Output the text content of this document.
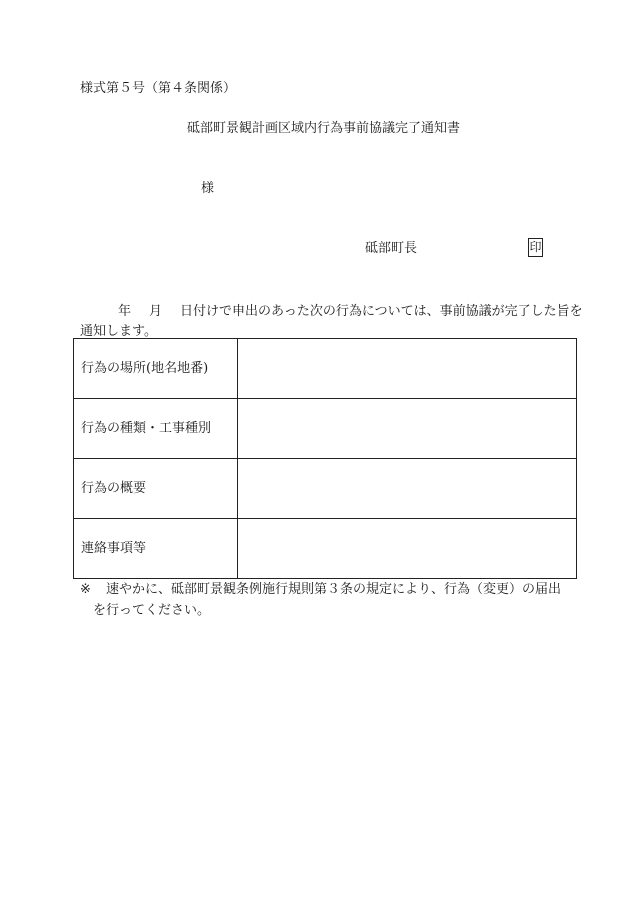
様式第５号（第４条関係）
砥部町景観計画区域内行為事前協議完了通知書
様
砥部町長	印
年 月 日付けで申出のあった次の行為については、事前協議が完了した旨を通知します。
行為の場所(地名地番)	
行為の種類・工事種別	
行為の概要	
連絡事項等	
※ 速やかに、砥部町景観条例施行規則第３条の規定により、行為（変更）の届出
を行ってください。
